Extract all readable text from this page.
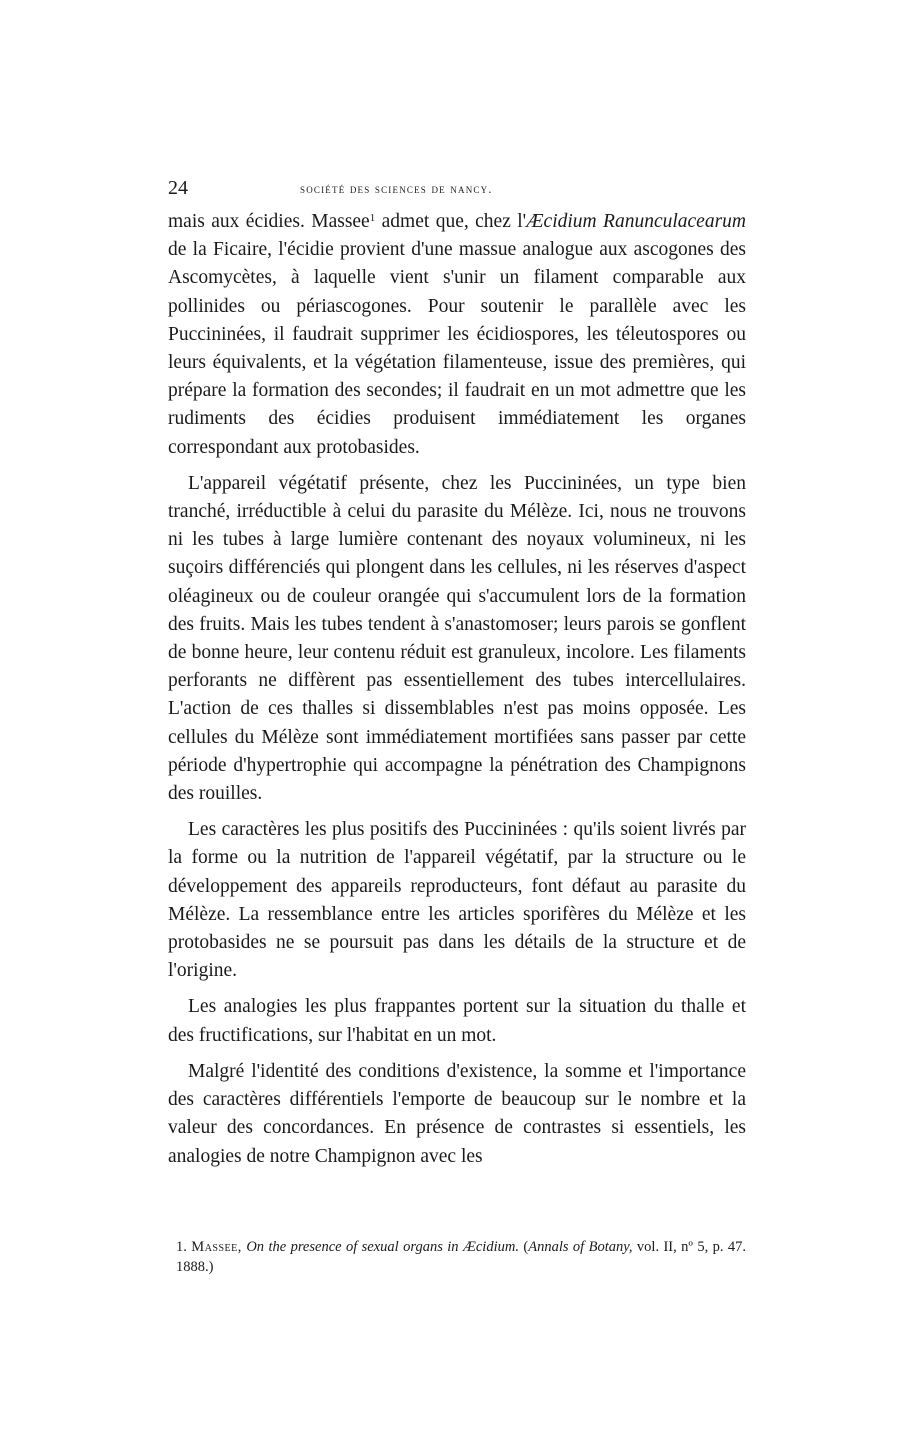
24	société des sciences de nancy.

mais aux écidies. Massee$^1$ admet que, chez l'Æcidium Ranunculacearum de la Ficaire, l'écidie provient d'une massue analogue aux ascogones des Ascomycètes, à laquelle vient s'unir un filament comparable aux pollinides ou périascogones. Pour soutenir le parallèle avec les Puccininées, il faudrait supprimer les écidiospores, les téleutospores ou leurs équivalents, et la végétation filamenteuse, issue des premières, qui prépare la formation des secondes; il faudrait en un mot admettre que les rudiments des écidies produisent immédiatement les organes correspondant aux protobasides.

L'appareil végétatif présente, chez les Puccininées, un type bien tranché, irréductible à celui du parasite du Mélèze. Ici, nous ne trouvons ni les tubes à large lumière contenant des noyaux volumineux, ni les suçoirs différenciés qui plongent dans les cellules, ni les réserves d'aspect oléagineux ou de couleur orangée qui s'accumulent lors de la formation des fruits. Mais les tubes tendent à s'anastomoser; leurs parois se gonflent de bonne heure, leur contenu réduit est granuleux, incolore. Les filaments perforants ne diffèrent pas essentiellement des tubes intercellulaires. L'action de ces thalles si dissemblables n'est pas moins opposée. Les cellules du Mélèze sont immédiatement mortifiées sans passer par cette période d'hypertrophie qui accompagne la pénétration des Champignons des rouilles.

Les caractères les plus positifs des Puccininées : qu'ils soient livrés par la forme ou la nutrition de l'appareil végétatif, par la structure ou le développement des appareils reproducteurs, font défaut au parasite du Mélèze. La ressemblance entre les articles sporifères du Mélèze et les protobasides ne se poursuit pas dans les détails de la structure et de l'origine.

Les analogies les plus frappantes portent sur la situation du thalle et des fructifications, sur l'habitat en un mot.

Malgré l'identité des conditions d'existence, la somme et l'importance des caractères différentiels l'emporte de beaucoup sur le nombre et la valeur des concordances. En présence de contrastes si essentiels, les analogies de notre Champignon avec les

1. Massee, On the presence of sexual organs in Æcidium. (Annals of Botany, vol. II, nº 5, p. 47. 1888.)
